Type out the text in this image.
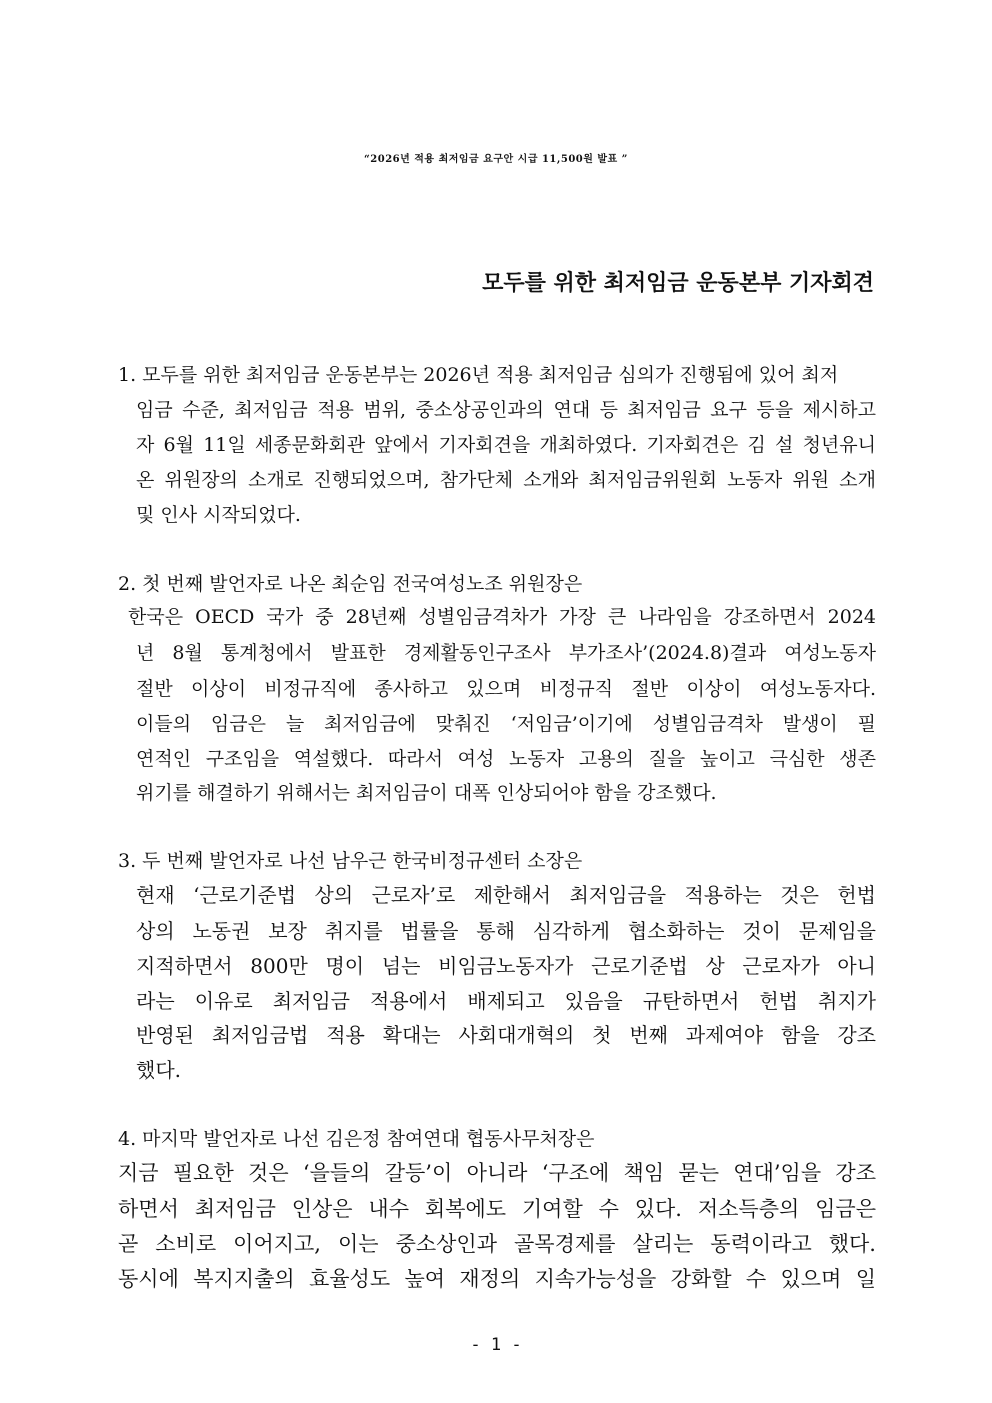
“2026년 적용 최저임금 요구안 시급 11,500원 발표 ”
모두를 위한 최저임금 운동본부 기자회견
1. 모두를 위한 최저임금 운동본부는 2026년 적용 최저임금 심의가 진행됨에 있어 최저
임금 수준, 최저임금 적용 범위, 중소상공인과의 연대 등 최저임금 요구 등을 제시하고
자 6월 11일 세종문화회관 앞에서 기자회견을 개최하였다. 기자회견은 김 설 청년유니
온 위원장의 소개로 진행되었으며, 참가단체 소개와 최저임금위원회 노동자 위원 소개
및 인사 시작되었다.
2. 첫 번째 발언자로 나온 최순임 전국여성노조 위원장은
한국은 OECD 국가 중 28년째 성별임금격차가 가장 큰 나라임을 강조하면서 2024
년 8월 통계청에서 발표한 경제활동인구조사 부가조사’(2024.8)결과 여성노동자
절반 이상이 비정규직에 종사하고 있으며 비정규직 절반 이상이 여성노동자다.
이들의 임금은 늘 최저임금에 맞춰진 ‘저임금’이기에 성별임금격차 발생이 필
연적인 구조임을 역설했다. 따라서 여성 노동자 고용의 질을 높이고 극심한 생존
위기를 해결하기 위해서는 최저임금이 대폭 인상되어야 함을 강조했다.
3. 두 번째 발언자로 나선 남우근 한국비정규센터 소장은
현재 ‘근로기준법 상의 근로자’로 제한해서 최저임금을 적용하는 것은 헌법
상의 노동권 보장 취지를 법률을 통해 심각하게 협소화하는 것이 문제임을
지적하면서 800만 명이 넘는 비임금노동자가 근로기준법 상 근로자가 아니
라는 이유로 최저임금 적용에서 배제되고 있음을 규탄하면서 헌법 취지가
반영된 최저임금법 적용 확대는 사회대개혁의 첫 번째 과제여야 함을 강조
했다.
4. 마지막 발언자로 나선 김은정 참여연대 협동사무처장은
지금 필요한 것은 ‘을들의 갈등’이 아니라 ‘구조에 책임 묻는 연대’임을 강조
하면서 최저임금 인상은 내수 회복에도 기여할 수 있다. 저소득층의 임금은
곧 소비로 이어지고, 이는 중소상인과 골목경제를 살리는 동력이라고 했다.
동시에 복지지출의 효율성도 높여 재정의 지속가능성을 강화할 수 있으며 일
- 1 -
